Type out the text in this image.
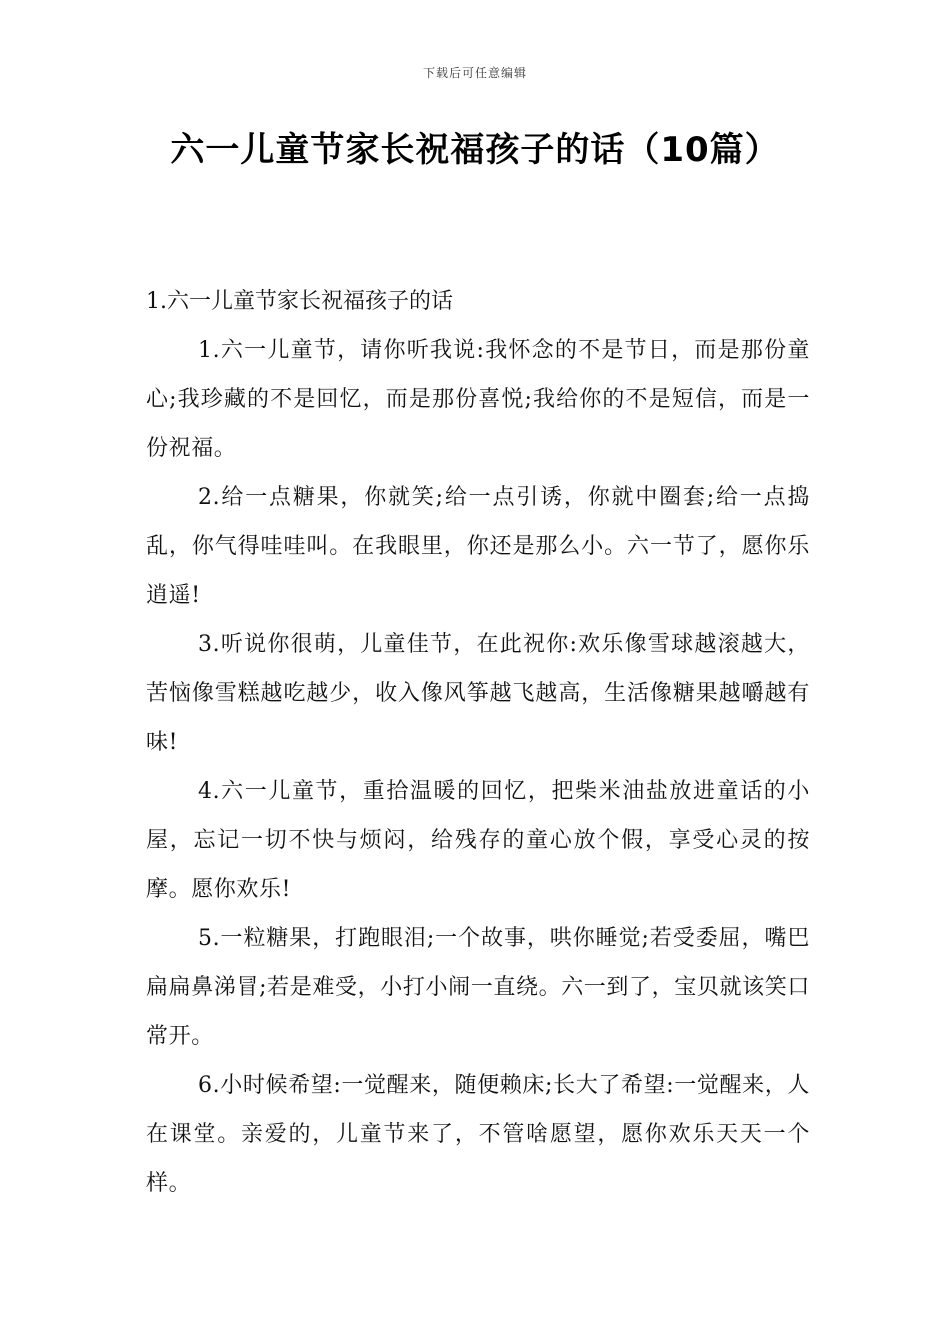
下载后可任意编辑
六一儿童节家长祝福孩子的话（10篇）

1.六一儿童节家长祝福孩子的话

1.六一儿童节，请你听我说:我怀念的不是节日，而是那份童心;我珍藏的不是回忆，而是那份喜悦;我给你的不是短信，而是一份祝福。

2.给一点糖果，你就笑;给一点引诱，你就中圈套;给一点捣乱，你气得哇哇叫。在我眼里，你还是那么小。六一节了，愿你乐逍遥!

3.听说你很萌，儿童佳节，在此祝你:欢乐像雪球越滚越大，苦恼像雪糕越吃越少，收入像风筝越飞越高，生活像糖果越嚼越有味!

4.六一儿童节，重拾温暖的回忆，把柴米油盐放进童话的小屋，忘记一切不快与烦闷，给残存的童心放个假，享受心灵的按摩。愿你欢乐!

5.一粒糖果，打跑眼泪;一个故事，哄你睡觉;若受委屈，嘴巴扁扁鼻涕冒;若是难受，小打小闹一直绕。六一到了，宝贝就该笑口常开。

6.小时候希望:一觉醒来，随便赖床;长大了希望:一觉醒来，人在课堂。亲爱的，儿童节来了，不管啥愿望，愿你欢乐天天一个样。
